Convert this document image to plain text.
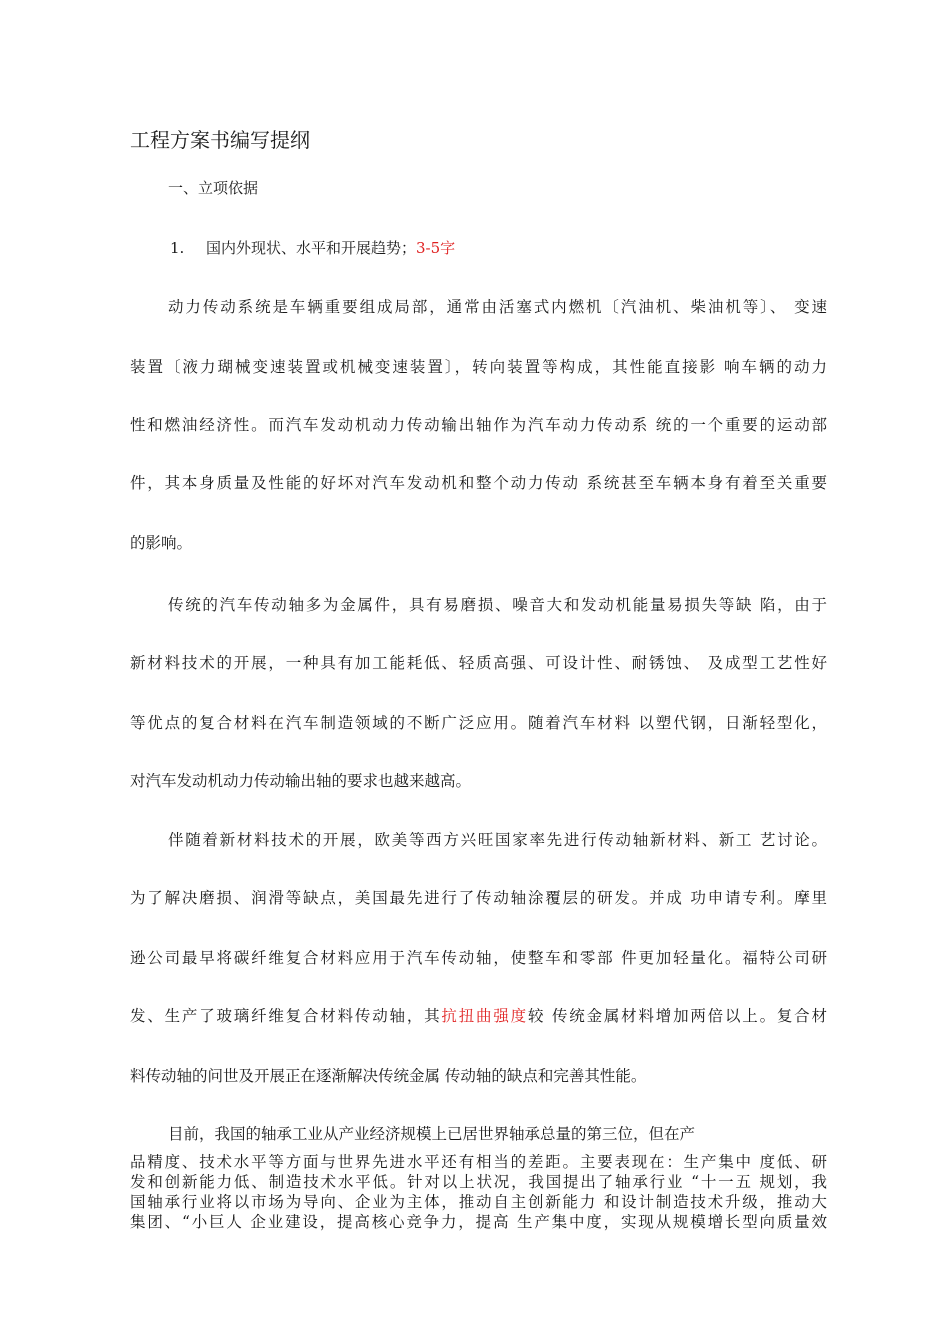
工程方案书编写提纲
一、立项依据
1. 国内外现状、水平和开展趋势；3-5字
动力传动系统是车辆重要组成局部，通常由活塞式内燃机〔汽油机、柴油机等〕、 变速
装置〔液力瑚械变速装置或机械变速装置〕，转向装置等构成，其性能直接影 响车辆的动力
性和燃油经济性。而汽车发动机动力传动输出轴作为汽车动力传动系 统的一个重要的运动部
件，其本身质量及性能的好坏对汽车发动机和整个动力传动 系统甚至车辆本身有着至关重要
的影响。
传统的汽车传动轴多为金属件，具有易磨损、噪音大和发动机能量易损失等缺 陷，由于
新材料技术的开展，一种具有加工能耗低、轻质高强、可设计性、耐锈蚀、 及成型工艺性好
等优点的复合材料在汽车制造领域的不断广泛应用。随着汽车材料 以塑代钢，日渐轻型化，
对汽车发动机动力传动输出轴的要求也越来越高。
伴随着新材料技术的开展，欧美等西方兴旺国家率先进行传动轴新材料、新工 艺讨论。
为了解决磨损、润滑等缺点，美国最先进行了传动轴涂覆层的研发。并成 功申请专利。摩里
逊公司最早将碳纤维复合材料应用于汽车传动轴，使整车和零部 件更加轻量化。福特公司研
发、生产了玻璃纤维复合材料传动轴，其抗扭曲强度较 传统金属材料增加两倍以上。复合材
料传动轴的问世及开展正在逐渐解决传统金属 传动轴的缺点和完善其性能。
目前，我国的轴承工业从产业经济规模上已居世界轴承总量的第三位，但在产
品精度、技术水平等方面与世界先进水平还有相当的差距。主要表现在：生产集中 度低、研
发和创新能力低、制造技术水平低。针对以上状况，我国提出了轴承行业 “十一五 规划，我
国轴承行业将以市场为导向、企业为主体，推动自主创新能力 和设计制造技术升级，推动大
集团、“小巨人 企业建设，提高核心竞争力，提高 生产集中度，实现从规模增长型向质量效
